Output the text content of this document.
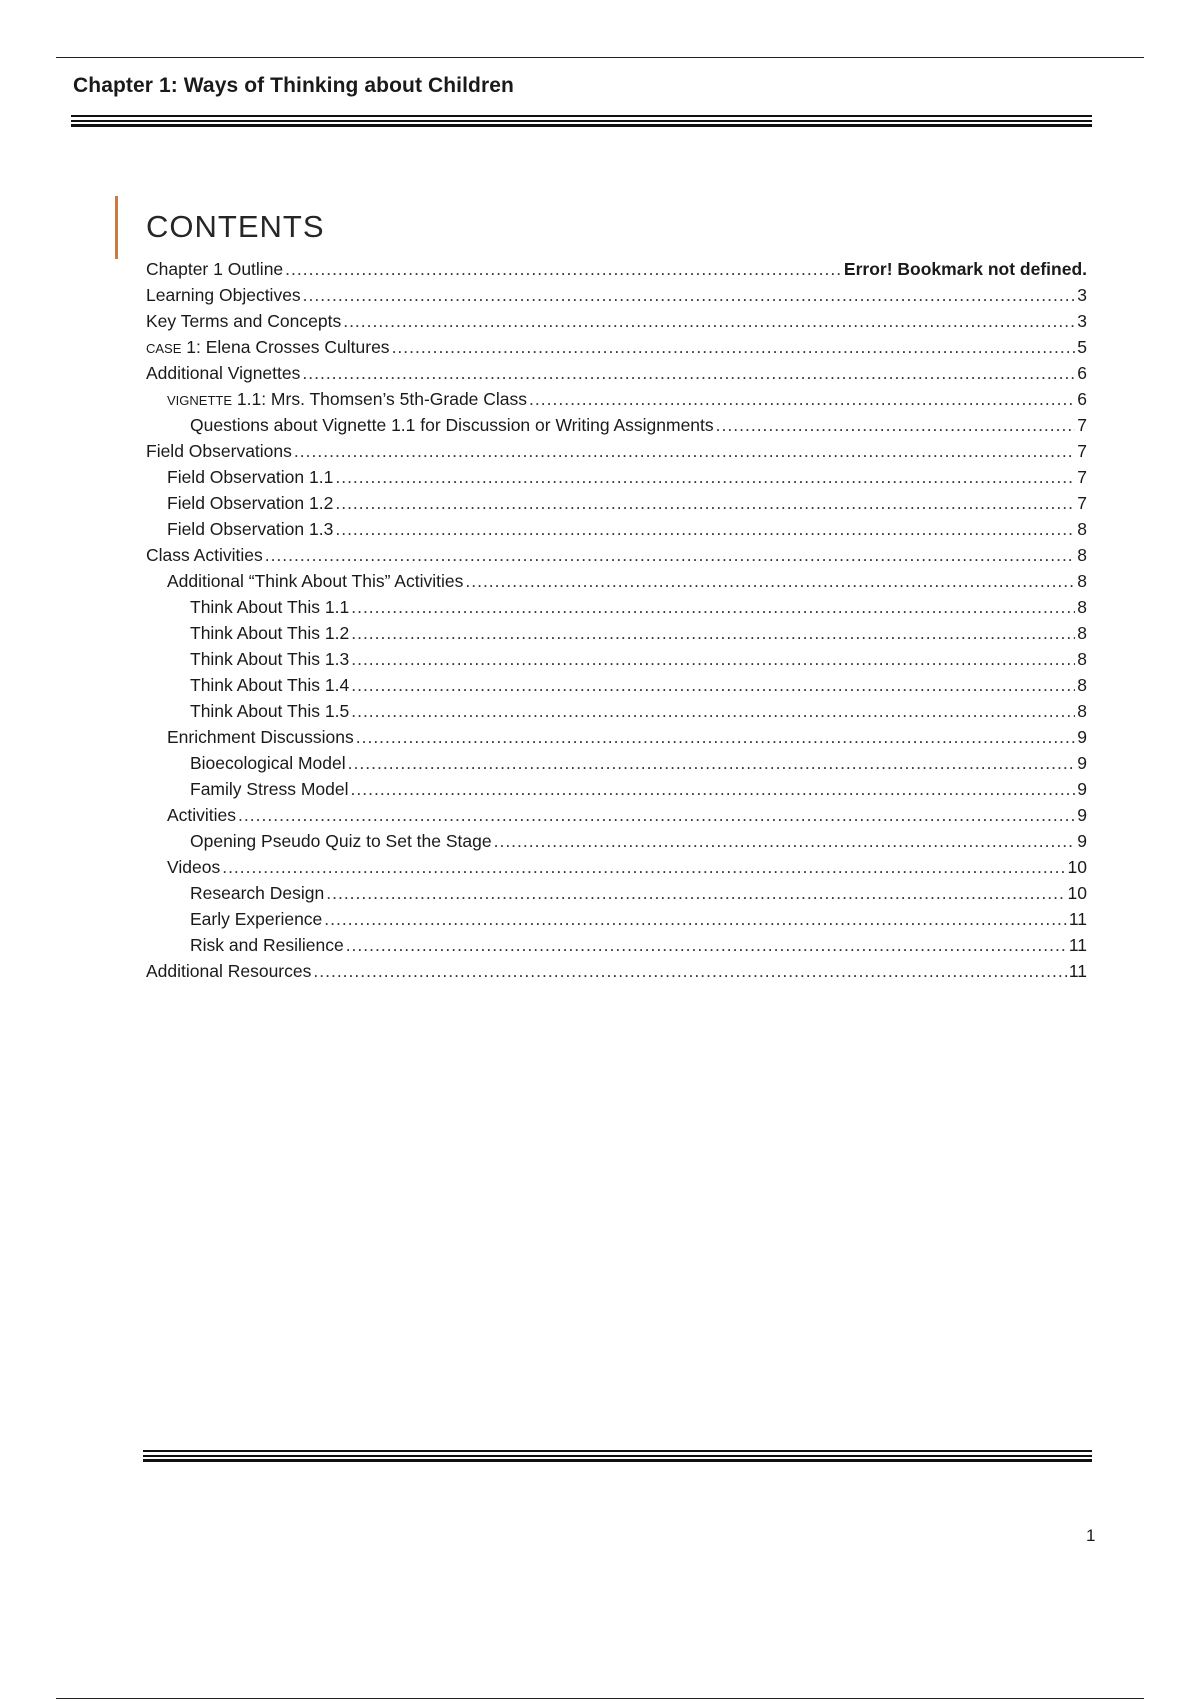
Chapter 1: Ways of Thinking about Children
CONTENTS
Chapter 1 Outline .....	Error! Bookmark not defined.
Learning Objectives .....	3
Key Terms and Concepts .....	3
CASE 1: Elena Crosses Cultures .....	5
Additional Vignettes .....	6
VIGNETTE 1.1: Mrs. Thomsen’s 5th-Grade Class .....	6
Questions about Vignette 1.1 for Discussion or Writing Assignments .....	7
Field Observations .....	7
Field Observation 1.1 .....	7
Field Observation 1.2 .....	7
Field Observation 1.3 .....	8
Class Activities .....	8
Additional “Think About This” Activities .....	8
Think About This 1.1 .....	8
Think About This 1.2 .....	8
Think About This 1.3 .....	8
Think About This 1.4 .....	8
Think About This 1.5 .....	8
Enrichment Discussions .....	9
Bioecological Model .....	9
Family Stress Model .....	9
Activities .....	9
Opening Pseudo Quiz to Set the Stage .....	9
Videos .....	10
Research Design .....	10
Early Experience .....	11
Risk and Resilience .....	11
Additional Resources .....	11
1
